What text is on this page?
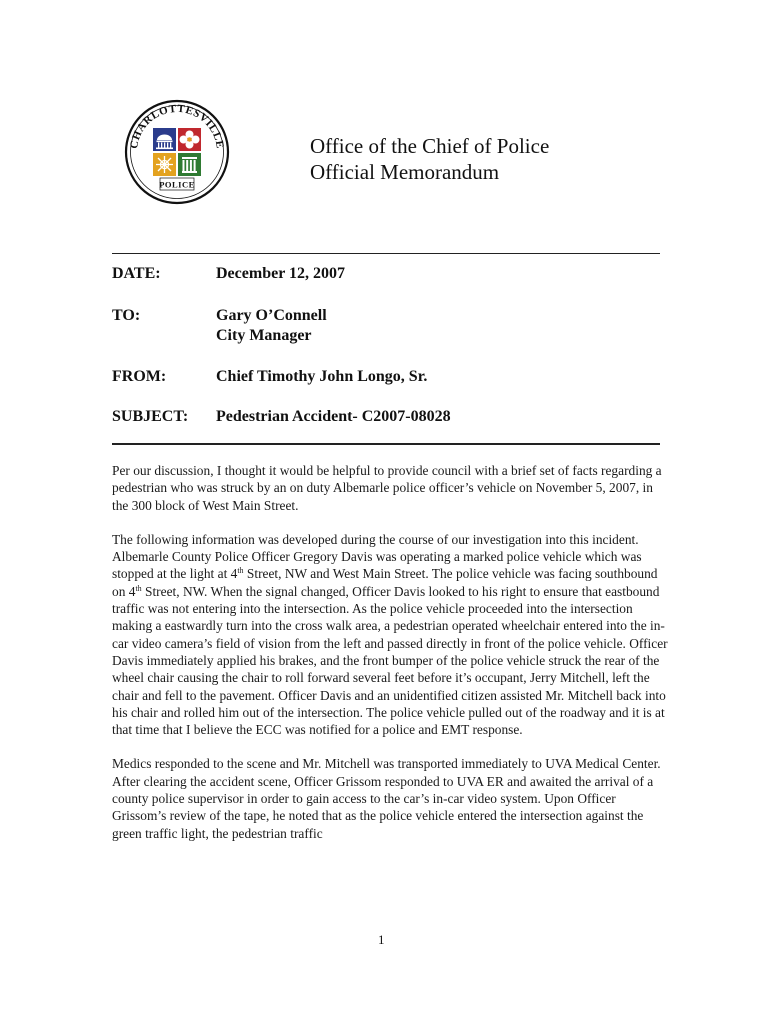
CHARLOTTESVILLE
POLICE
Office of the Chief of Police
Official Memorandum
DATE:	December 12, 2007
TO:	Gary O’Connell
City Manager
FROM:	Chief Timothy John Longo, Sr.
SUBJECT: Pedestrian Accident- C2007-08028

Per our discussion, I thought it would be helpful to provide council with a brief set of facts regarding a pedestrian who was struck by an on duty Albemarle police officer’s vehicle on November 5, 2007, in the 300 block of West Main Street.

The following information was developed during the course of our investigation into this incident. Albemarle County Police Officer Gregory Davis was operating a marked police vehicle which was stopped at the light at 4th Street, NW and West Main Street. The police vehicle was facing southbound on 4th Street, NW. When the signal changed, Officer Davis looked to his right to ensure that eastbound traffic was not entering into the intersection. As the police vehicle proceeded into the intersection making a eastwardly turn into the cross walk area, a pedestrian operated wheelchair entered into the in-car video camera’s field of vision from the left and passed directly in front of the police vehicle. Officer Davis immediately applied his brakes, and the front bumper of the police vehicle struck the rear of the wheel chair causing the chair to roll forward several feet before it’s occupant, Jerry Mitchell, left the chair and fell to the pavement. Officer Davis and an unidentified citizen assisted Mr. Mitchell back into his chair and rolled him out of the intersection. The police vehicle pulled out of the roadway and it is at that time that I believe the ECC was notified for a police and EMT response.

Medics responded to the scene and Mr. Mitchell was transported immediately to UVA Medical Center. After clearing the accident scene, Officer Grissom responded to UVA ER and awaited the arrival of a county police supervisor in order to gain access to the car’s in-car video system. Upon Officer Grissom’s review of the tape, he noted that as the police vehicle entered the intersection against the green traffic light, the pedestrian traffic

1
